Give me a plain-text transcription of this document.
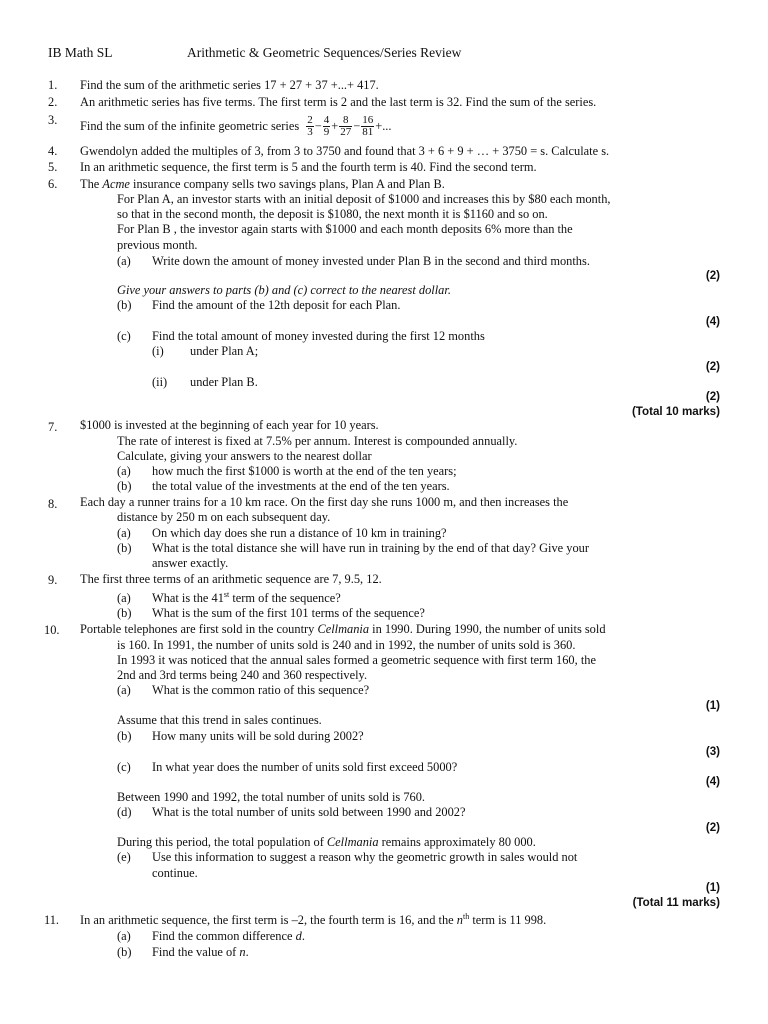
IB Math SL	Arithmetic & Geometric Sequences/Series Review
1. Find the sum of the arithmetic series 17 + 27 + 37 +...+ 417.
2. An arithmetic series has five terms. The first term is 2 and the last term is 32. Find the sum of the series.
3. Find the sum of the infinite geometric series $\frac{2}{3} - \frac{4}{9} + \frac{8}{27} - \frac{16}{81}$ +...
4. Gwendolyn added the multiples of 3, from 3 to 3750 and found that 3 + 6 + 9 + … + 3750 = s. Calculate s.
5. In an arithmetic sequence, the first term is 5 and the fourth term is 40. Find the second term.
6. The Acme insurance company sells two savings plans, Plan A and Plan B.
For Plan A, an investor starts with an initial deposit of $1000 and increases this by $80 each month,
so that in the second month, the deposit is $1080, the next month it is $1160 and so on.
For Plan B , the investor again starts with $1000 and each month deposits 6% more than the
previous month.
(a) Write down the amount of money invested under Plan B in the second and third months.
(2)
Give your answers to parts (b) and (c) correct to the nearest dollar.
(b) Find the amount of the 12th deposit for each Plan.
(4)
(c) Find the total amount of money invested during the first 12 months
(i) under Plan A;
(2)
(ii) under Plan B.
(2)
(Total 10 marks)
7. $1000 is invested at the beginning of each year for 10 years.
The rate of interest is fixed at 7.5% per annum. Interest is compounded annually.
Calculate, giving your answers to the nearest dollar
(a) how much the first $1000 is worth at the end of the ten years;
(b) the total value of the investments at the end of the ten years.
8. Each day a runner trains for a 10 km race. On the first day she runs 1000 m, and then increases the
distance by 250 m on each subsequent day.
(a) On which day does she run a distance of 10 km in training?
(b) What is the total distance she will have run in training by the end of that day? Give your
answer exactly.
9. The first three terms of an arithmetic sequence are 7, 9.5, 12.
(a) What is the 41st term of the sequence?
(b) What is the sum of the first 101 terms of the sequence?
10. Portable telephones are first sold in the country Cellmania in 1990. During 1990, the number of units sold
is 160. In 1991, the number of units sold is 240 and in 1992, the number of units sold is 360.
In 1993 it was noticed that the annual sales formed a geometric sequence with first term 160, the
2nd and 3rd terms being 240 and 360 respectively.
(a) What is the common ratio of this sequence?
(1)
Assume that this trend in sales continues.
(b) How many units will be sold during 2002?
(3)
(c) In what year does the number of units sold first exceed 5000?
(4)
Between 1990 and 1992, the total number of units sold is 760.
(d) What is the total number of units sold between 1990 and 2002?
(2)
During this period, the total population of Cellmania remains approximately 80 000.
(e) Use this information to suggest a reason why the geometric growth in sales would not
continue.
(1)
(Total 11 marks)
11. In an arithmetic sequence, the first term is –2, the fourth term is 16, and the $n^{th}$ term is 11 998.
(a) Find the common difference d.
(b) Find the value of n.
